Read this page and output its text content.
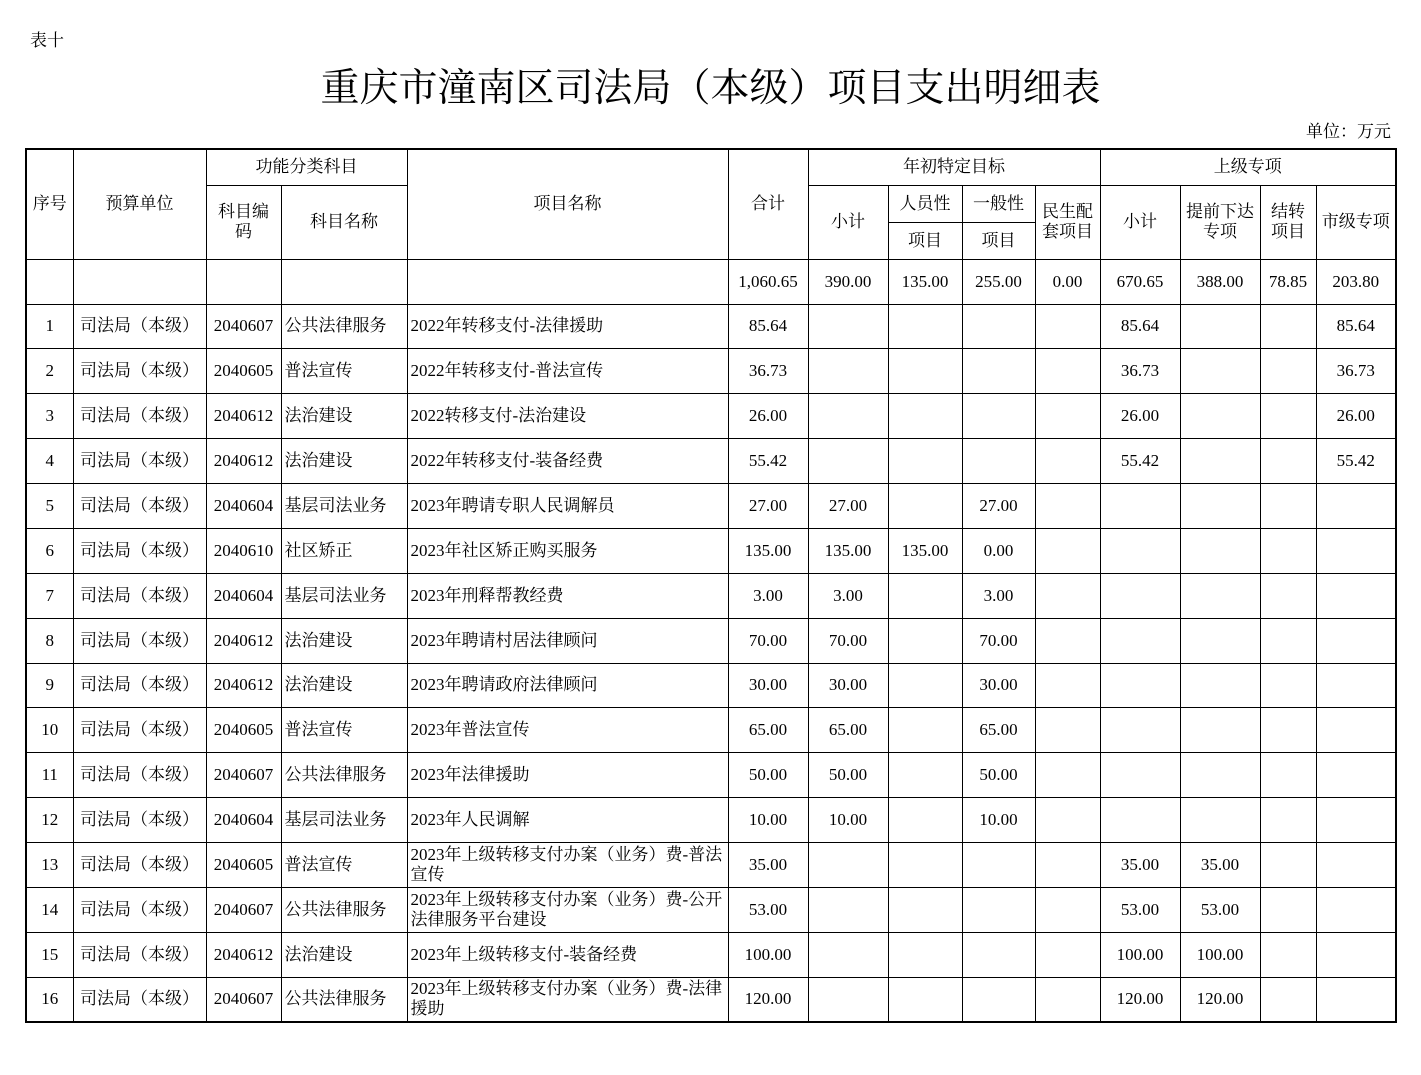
表十
重庆市潼南区司法局（本级）项目支出明细表
单位：万元
序号	预算单位	功能分类科目		项目名称	合计	年初特定目标				上级专项			
		科目编码	科目名称			小计	人员性	一般性	民生配套项目	小计	提前下达专项	结转项目	市级专项
							项目	项目					
					1,060.65	390.00	135.00	255.00	0.00	670.65	388.00	78.85	203.80
1	司法局（本级）	2040607	公共法律服务	2022年转移支付-法律援助	85.64					85.64			85.64
2	司法局（本级）	2040605	普法宣传	2022年转移支付-普法宣传	36.73					36.73			36.73
3	司法局（本级）	2040612	法治建设	2022转移支付-法治建设	26.00					26.00			26.00
4	司法局（本级）	2040612	法治建设	2022年转移支付-装备经费	55.42					55.42			55.42
5	司法局（本级）	2040604	基层司法业务	2023年聘请专职人民调解员	27.00	27.00		27.00					
6	司法局（本级）	2040610	社区矫正	2023年社区矫正购买服务	135.00	135.00	135.00	0.00					
7	司法局（本级）	2040604	基层司法业务	2023年刑释帮教经费	3.00	3.00		3.00					
8	司法局（本级）	2040612	法治建设	2023年聘请村居法律顾问	70.00	70.00		70.00					
9	司法局（本级）	2040612	法治建设	2023年聘请政府法律顾问	30.00	30.00		30.00					
10	司法局（本级）	2040605	普法宣传	2023年普法宣传	65.00	65.00		65.00					
11	司法局（本级）	2040607	公共法律服务	2023年法律援助	50.00	50.00		50.00					
12	司法局（本级）	2040604	基层司法业务	2023年人民调解	10.00	10.00		10.00					
13	司法局（本级）	2040605	普法宣传	2023年上级转移支付办案（业务）费-普法宣传	35.00					35.00	35.00		
14	司法局（本级）	2040607	公共法律服务	2023年上级转移支付办案（业务）费-公开法律服务平台建设	53.00					53.00	53.00		
15	司法局（本级）	2040612	法治建设	2023年上级转移支付-装备经费	100.00					100.00	100.00		
16	司法局（本级）	2040607	公共法律服务	2023年上级转移支付办案（业务）费-法律援助	120.00					120.00	120.00		
